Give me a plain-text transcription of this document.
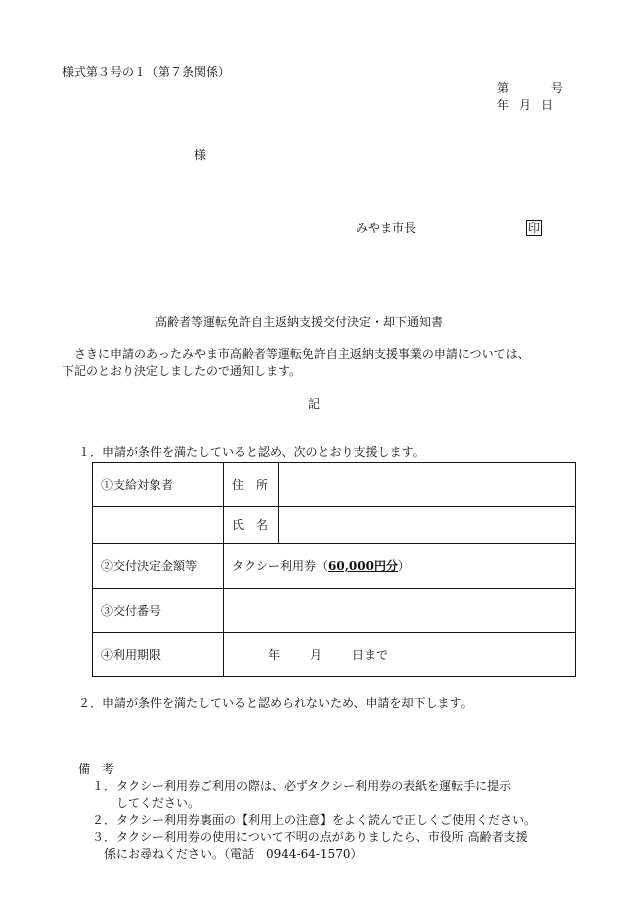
様式第３号の１（第７条関係）
第	号
年 月 日
様
みやま市長	印
高齢者等運転免許自主返納支援交付決定・却下通知書
さきに申請のあったみやま市高齢者等運転免許自主返納支援事業の申請については、
下記のとおり決定しましたので通知します。
記
１．申請が条件を満たしていると認め、次のとおり支援します。
①支給対象者	住　所	
	氏　名	
②交付決定金額等	タクシー利用券（60,000円分）	
③交付番号		
④利用期限	年 月 日まで	
２．申請が条件を満たしていると認められないため、申請を却下します。
備　考
１．タクシー利用券ご利用の際は、必ずタクシー利用券の表紙を運転手に提示
してください。
２．タクシー利用券裏面の【利用上の注意】をよく読んで正しくご使用ください。
３．タクシー利用券の使用について不明の点がありましたら、市役所 高齢者支援
係にお尋ねください。（電話　0944-64-1570）
